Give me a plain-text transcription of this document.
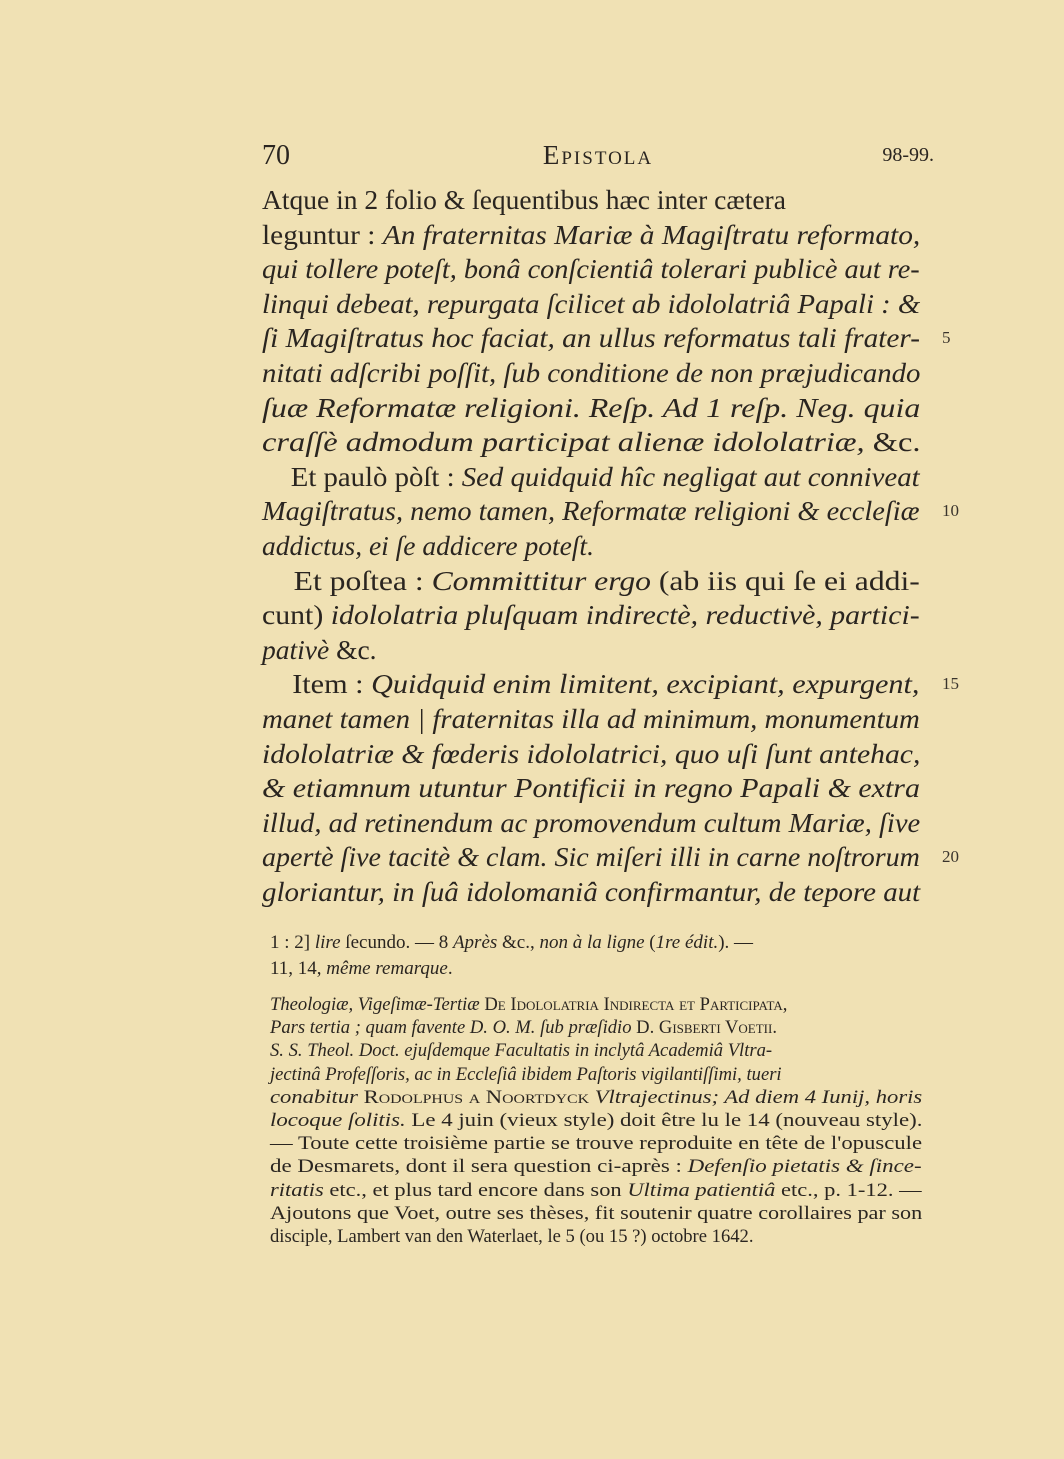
70	Epistola	98-99.
Atque in 2 folio & ſequentibus hæc inter cætera
leguntur : An fraternitas Mariæ à Magiſtratu reformato,
qui tollere poteſt, bonâ conſcientiâ tolerari publicè aut re-
linqui debeat, repurgata ſcilicet ab idololatriâ Papali : &
ſi Magiſtratus hoc faciat, an ullus reformatus tali frater- 5
nitati adſcribi poſſit, ſub conditione de non præjudicando
ſuæ Reformatæ religioni. Reſp. Ad 1 reſp. Neg. quia
craſſè admodum participat alienæ idololatriæ, &c.
Et paulò pòſt : Sed quidquid hîc negligat aut conniveat
Magiſtratus, nemo tamen, Reformatæ religioni & eccleſiæ 10
addictus, ei ſe addicere poteſt.
Et poſtea : Committitur ergo (ab iis qui ſe ei addi-
cunt) idololatria pluſquam indirectè, reductivè, partici-
pativè &c.
Item : Quidquid enim limitent, excipiant, expurgent, 15
manet tamen | fraternitas illa ad minimum, monumentum
idololatriæ & fœderis idololatrici, quo uſi ſunt antehac,
& etiamnum utuntur Pontificii in regno Papali & extra
illud, ad retinendum ac promovendum cultum Mariæ, ſive
apertè ſive tacitè & clam. Sic miſeri illi in carne noſtrorum 20
gloriantur, in ſuâ idolomaniâ confirmantur, de tepore aut
1 : 2] lire ſecundo. — 8 Après &c., non à la ligne (1re édit.). —
11, 14, même remarque.
Theologiæ, Vigeſimæ-Tertiæ De Idololatria Indirecta et Participata,
Pars tertia ; quam favente D. O. M. ſub præſidio D. Gisberti Voetii.
S. S. Theol. Doct. ejuſdemque Facultatis in inclytâ Academiâ Vltra-
jectinâ Profeſſoris, ac in Eccleſiâ ibidem Paſtoris vigilantiſſimi, tueri
conabitur Rodolphus a Noortdyck Vltrajectinus; Ad diem 4 Iunij, horis
locoque ſolitis. Le 4 juin (vieux style) doit être lu le 14 (nouveau style).
— Toute cette troisième partie se trouve reproduite en tête de l'opuscule
de Desmarets, dont il sera question ci-après : Defenſio pietatis & ſince-
ritatis etc., et plus tard encore dans son Ultima patientiâ etc., p. 1-12. —
Ajoutons que Voet, outre ses thèses, fit soutenir quatre corollaires par son
disciple, Lambert van den Waterlaet, le 5 (ou 15 ?) octobre 1642.
